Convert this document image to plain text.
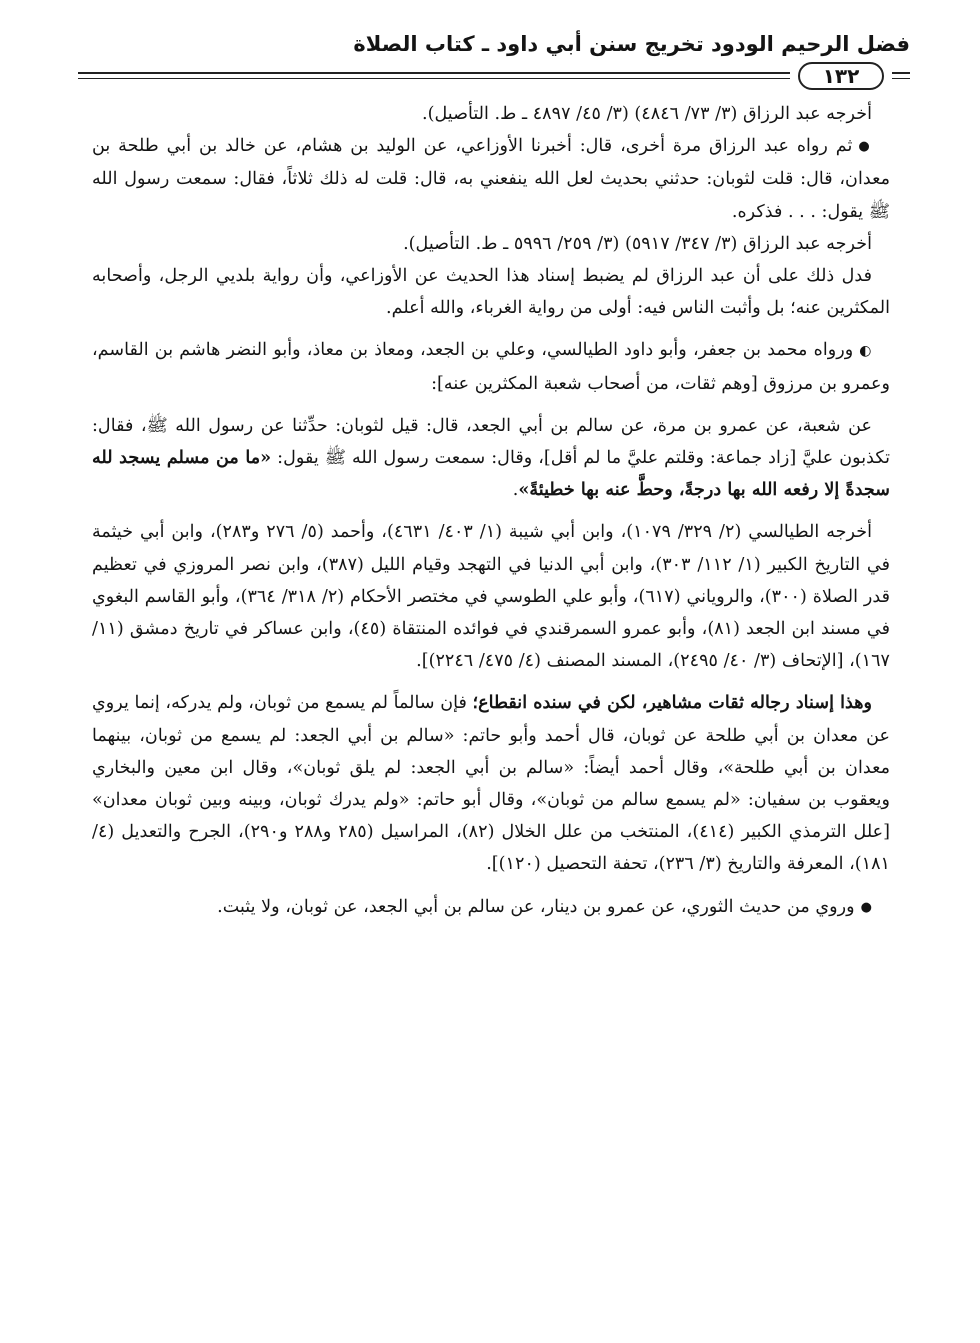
فضل الرحيم الودود تخريج سنن أبي داود ـ كتاب الصلاة
١٣٢

أخرجه عبد الرزاق (٣/ ٧٣/ ٤٨٤٦) (٣/ ٤٥/ ٤٨٩٧ ـ ط. التأصيل).

●ثم رواه عبد الرزاق مرة أخرى، قال: أخبرنا الأوزاعي، عن الوليد بن هشام، عن خالد بن أبي طلحة بن معدان، قال: قلت لثوبان: حدثني بحديث لعل الله ينفعني به، قال: قلت له ذلك ثلاثاً، فقال: سمعت رسول الله ﷺ يقول: . . . فذكره.

أخرجه عبد الرزاق (٣/ ٣٤٧/ ٥٩١٧) (٣/ ٢٥٩/ ٥٩٩٦ ـ ط. التأصيل).

فدل ذلك على أن عبد الرزاق لم يضبط إسناد هذا الحديث عن الأوزاعي، وأن رواية بلديي الرجل، وأصحابه المكثرين عنه؛ بل وأثبت الناس فيه: أولى من رواية الغرباء، والله أعلم.

◐ورواه محمد بن جعفر، وأبو داود الطيالسي، وعلي بن الجعد، ومعاذ بن معاذ، وأبو النضر هاشم بن القاسم، وعمرو بن مرزوق [وهم ثقات، من أصحاب شعبة المكثرين عنه]:

عن شعبة، عن عمرو بن مرة، عن سالم بن أبي الجعد، قال: قيل لثوبان: حدِّثنا عن رسول الله ﷺ، فقال: تكذبون عليَّ [زاد جماعة: وقلتم عليَّ ما لم أقل]، وقال: سمعت رسول الله ﷺ يقول: «ما من مسلم يسجد لله سجدةً إلا رفعه الله بها درجةً، وحطَّ عنه بها خطيئةً».

أخرجه الطيالسي (٢/ ٣٢٩/ ١٠٧٩)، وابن أبي شيبة (١/ ٤٠٣/ ٤٦٣١)، وأحمد (٥/ ٢٧٦ و٢٨٣)، وابن أبي خيثمة في التاريخ الكبير (١/ ١١٢/ ٣٠٣)، وابن أبي الدنيا في التهجد وقيام الليل (٣٨٧)، وابن نصر المروزي في تعظيم قدر الصلاة (٣٠٠)، والروياني (٦١٧)، وأبو علي الطوسي في مختصر الأحكام (٢/ ٣١٨/ ٣٦٤)، وأبو القاسم البغوي في مسند ابن الجعد (٨١)، وأبو عمرو السمرقندي في فوائده المنتقاة (٤٥)، وابن عساكر في تاريخ دمشق (١١/ ١٦٧)، [الإتحاف (٣/ ٤٠/ ٢٤٩٥)، المسند المصنف (٤/ ٤٧٥/ ٢٢٤٦)].

وهذا إسناد رجاله ثقات مشاهير، لكن في سنده انقطاع؛ فإن سالماً لم يسمع من ثوبان، ولم يدركه، إنما يروي عن معدان بن أبي طلحة عن ثوبان، قال أحمد وأبو حاتم: «سالم بن أبي الجعد: لم يسمع من ثوبان، بينهما معدان بن أبي طلحة»، وقال أحمد أيضاً: «سالم بن أبي الجعد: لم يلق ثوبان»، وقال ابن معين والبخاري ويعقوب بن سفيان: «لم يسمع سالم من ثوبان»، وقال أبو حاتم: «ولم يدرك ثوبان، وبينه وبين ثوبان معدان» [علل الترمذي الكبير (٤١٤)، المنتخب من علل الخلال (٨٢)، المراسيل (٢٨٥ و٢٨٨ و٢٩٠)، الجرح والتعديل (٤/ ١٨١)، المعرفة والتاريخ (٣/ ٢٣٦)، تحفة التحصيل (١٢٠)].

●وروي من حديث الثوري، عن عمرو بن دينار، عن سالم بن أبي الجعد، عن ثوبان، ولا يثبت.
